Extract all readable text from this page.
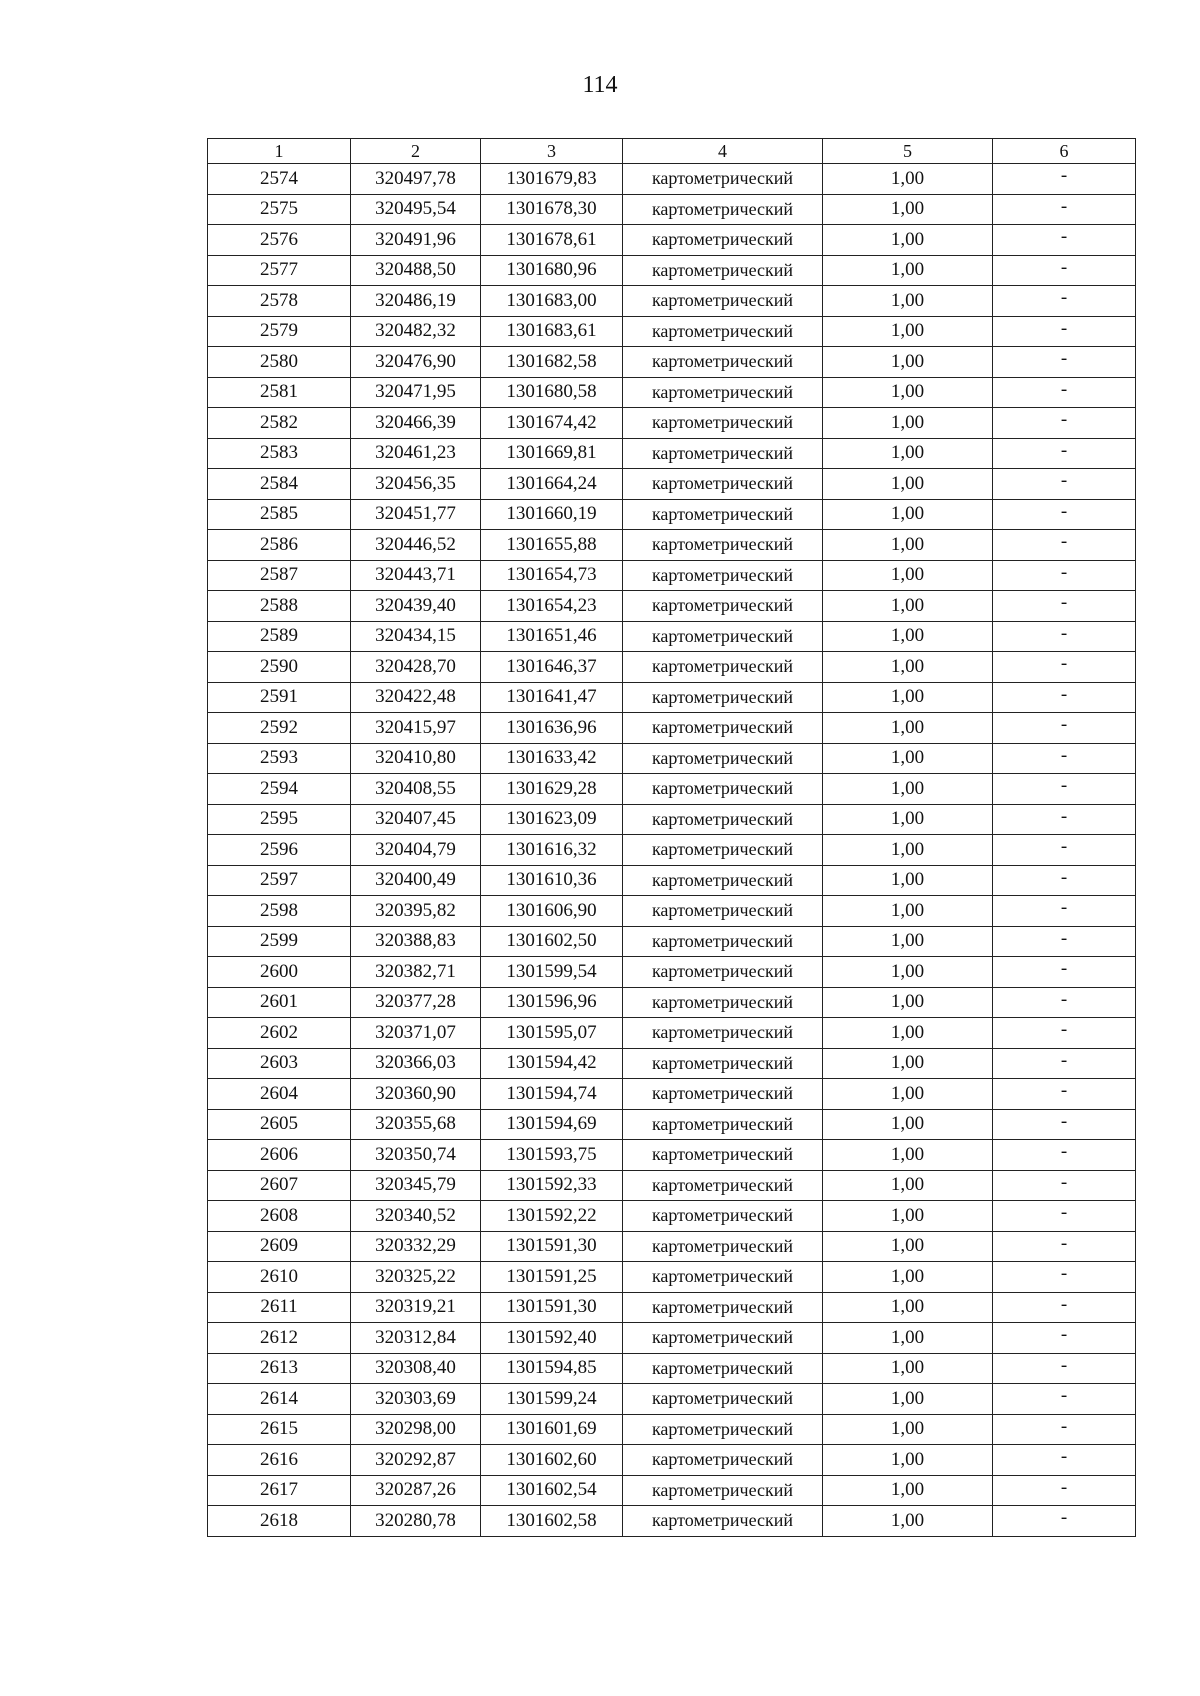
114
1	2	3	4	5	6
2574	320497,78	1301679,83	картометрический	1,00	-
2575	320495,54	1301678,30	картометрический	1,00	-
2576	320491,96	1301678,61	картометрический	1,00	-
2577	320488,50	1301680,96	картометрический	1,00	-
2578	320486,19	1301683,00	картометрический	1,00	-
2579	320482,32	1301683,61	картометрический	1,00	-
2580	320476,90	1301682,58	картометрический	1,00	-
2581	320471,95	1301680,58	картометрический	1,00	-
2582	320466,39	1301674,42	картометрический	1,00	-
2583	320461,23	1301669,81	картометрический	1,00	-
2584	320456,35	1301664,24	картометрический	1,00	-
2585	320451,77	1301660,19	картометрический	1,00	-
2586	320446,52	1301655,88	картометрический	1,00	-
2587	320443,71	1301654,73	картометрический	1,00	-
2588	320439,40	1301654,23	картометрический	1,00	-
2589	320434,15	1301651,46	картометрический	1,00	-
2590	320428,70	1301646,37	картометрический	1,00	-
2591	320422,48	1301641,47	картометрический	1,00	-
2592	320415,97	1301636,96	картометрический	1,00	-
2593	320410,80	1301633,42	картометрический	1,00	-
2594	320408,55	1301629,28	картометрический	1,00	-
2595	320407,45	1301623,09	картометрический	1,00	-
2596	320404,79	1301616,32	картометрический	1,00	-
2597	320400,49	1301610,36	картометрический	1,00	-
2598	320395,82	1301606,90	картометрический	1,00	-
2599	320388,83	1301602,50	картометрический	1,00	-
2600	320382,71	1301599,54	картометрический	1,00	-
2601	320377,28	1301596,96	картометрический	1,00	-
2602	320371,07	1301595,07	картометрический	1,00	-
2603	320366,03	1301594,42	картометрический	1,00	-
2604	320360,90	1301594,74	картометрический	1,00	-
2605	320355,68	1301594,69	картометрический	1,00	-
2606	320350,74	1301593,75	картометрический	1,00	-
2607	320345,79	1301592,33	картометрический	1,00	-
2608	320340,52	1301592,22	картометрический	1,00	-
2609	320332,29	1301591,30	картометрический	1,00	-
2610	320325,22	1301591,25	картометрический	1,00	-
2611	320319,21	1301591,30	картометрический	1,00	-
2612	320312,84	1301592,40	картометрический	1,00	-
2613	320308,40	1301594,85	картометрический	1,00	-
2614	320303,69	1301599,24	картометрический	1,00	-
2615	320298,00	1301601,69	картометрический	1,00	-
2616	320292,87	1301602,60	картометрический	1,00	-
2617	320287,26	1301602,54	картометрический	1,00	-
2618	320280,78	1301602,58	картометрический	1,00	-
